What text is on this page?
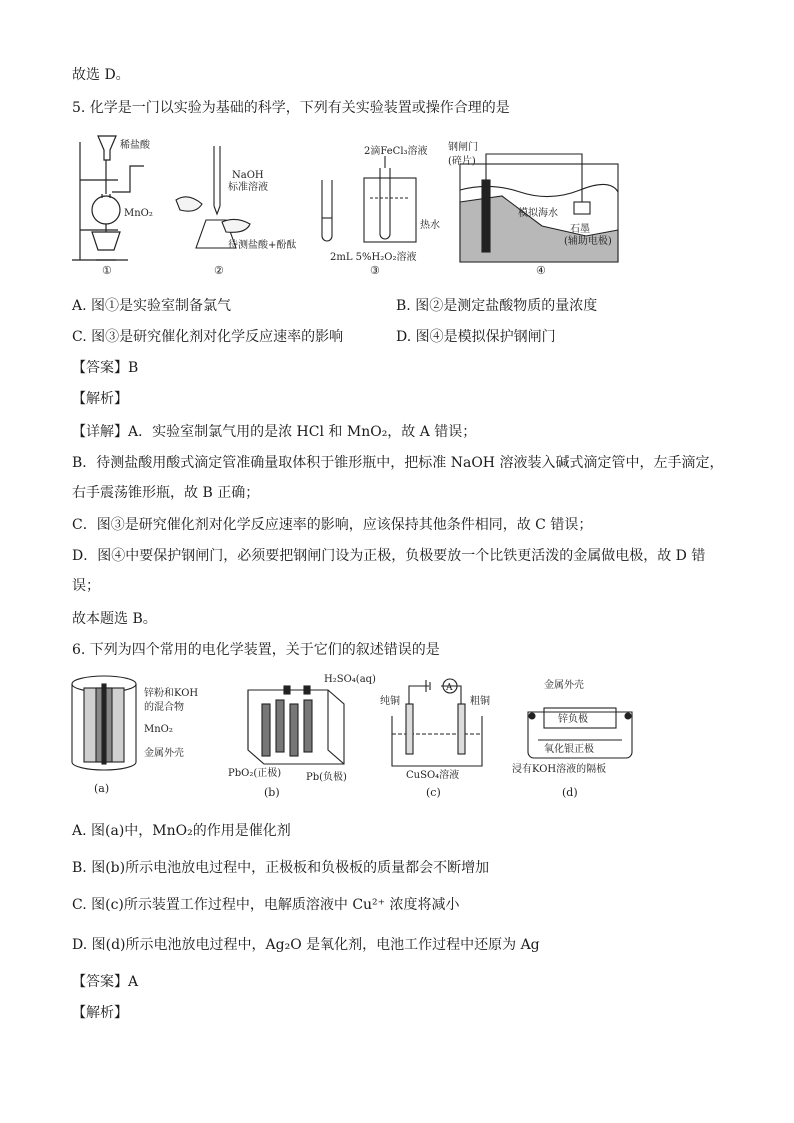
故选 D。
5. 化学是一门以实验为基础的科学，下列有关实验装置或操作合理的是
稀盐酸
MnO₂
①
NaOH
标准溶液
待测盐酸+酚酞
②
2滴FeCl₃溶液
热水
2mL 5%H₂O₂溶液
③
钢闸门
(碎片)
模拟海水
石墨
(辅助电极)
④
A. 图①是实验室制备氯气	B. 图②是测定盐酸物质的量浓度
C. 图③是研究催化剂对化学反应速率的影响	D. 图④是模拟保护钢闸门
【答案】B
【解析】
【详解】A．实验室制氯气用的是浓 HCl 和 MnO₂，故 A 错误；
B．待测盐酸用酸式滴定管准确量取体积于锥形瓶中，把标准 NaOH 溶液装入碱式滴定管中，左手滴定，
右手震荡锥形瓶，故 B 正确；
C．图③是研究催化剂对化学反应速率的影响，应该保持其他条件相同，故 C 错误；
D．图④中要保护钢闸门，必须要把钢闸门设为正极，负极要放一个比铁更活泼的金属做电极，故 D 错
误；
故本题选 B。
6. 下列为四个常用的电化学装置，关于它们的叙述错误的是
锌粉和KOH
的混合物
MnO₂
金属外壳
(a)
H₂SO₄(aq)
PbO₂(正极) Pb(负极)
(b)
A
纯铜	粗铜
CuSO₄溶液
(c)
金属外壳
锌负极
氧化银正极
浸有KOH溶液的隔板
(d)
A. 图(a)中，MnO₂的作用是催化剂
B. 图(b)所示电池放电过程中，正极板和负极板的质量都会不断增加
C. 图(c)所示装置工作过程中，电解质溶液中 Cu²⁺ 浓度将减小
D. 图(d)所示电池放电过程中，Ag₂O 是氧化剂，电池工作过程中还原为 Ag
【答案】A
【解析】
